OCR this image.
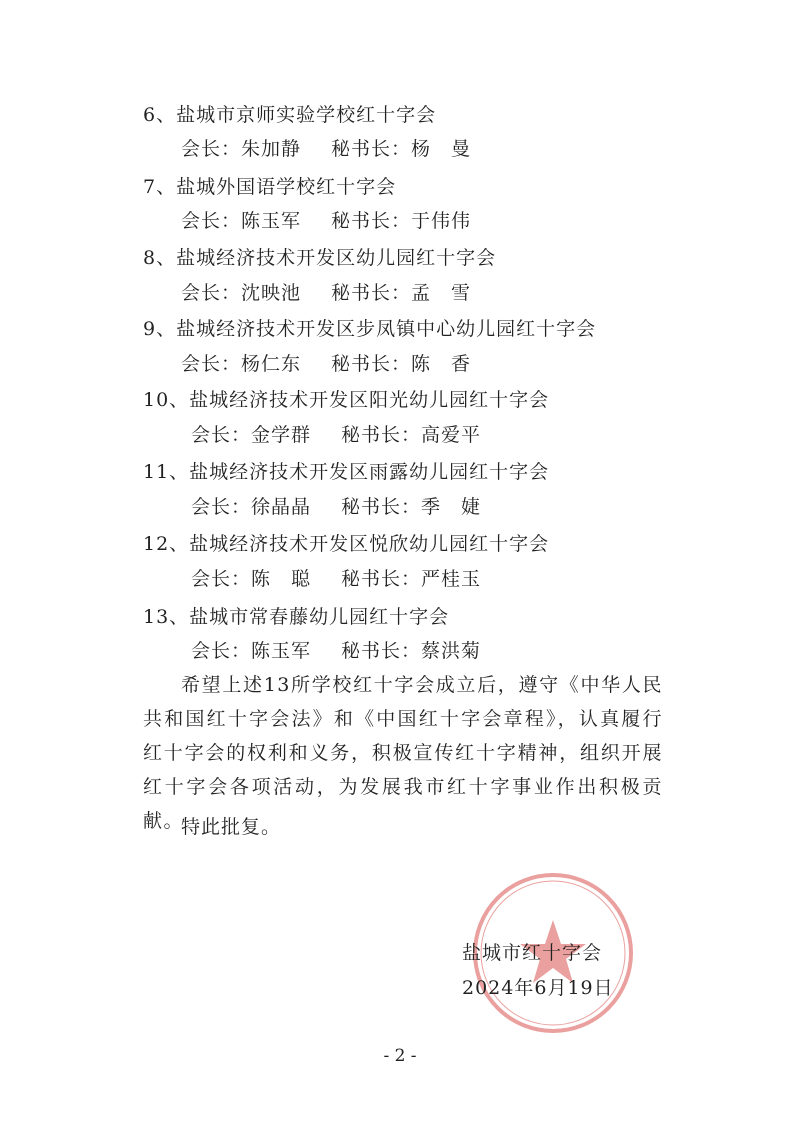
6、盐城市京师实验学校红十字会
会长：朱加静 秘书长：杨　曼
7、盐城外国语学校红十字会
会长：陈玉军 秘书长：于伟伟
8、盐城经济技术开发区幼儿园红十字会
会长：沈映池 秘书长：孟　雪
9、盐城经济技术开发区步凤镇中心幼儿园红十字会
会长：杨仁东 秘书长：陈　香
10、盐城经济技术开发区阳光幼儿园红十字会
会长：金学群 秘书长：高爱平
11、盐城经济技术开发区雨露幼儿园红十字会
会长：徐晶晶 秘书长：季　婕
12、盐城经济技术开发区悦欣幼儿园红十字会
会长：陈　聪 秘书长：严桂玉
13、盐城市常春藤幼儿园红十字会
会长：陈玉军 秘书长：蔡洪菊

希望上述13所学校红十字会成立后，遵守《中华人民共和国红十字会法》和《中国红十字会章程》，认真履行红十字会的权利和义务，积极宣传红十字精神，组织开展红十字会各项活动，为发展我市红十字事业作出积极贡献。

特此批复。
盐城市红十字会
2024年6月19日
- 2 -
